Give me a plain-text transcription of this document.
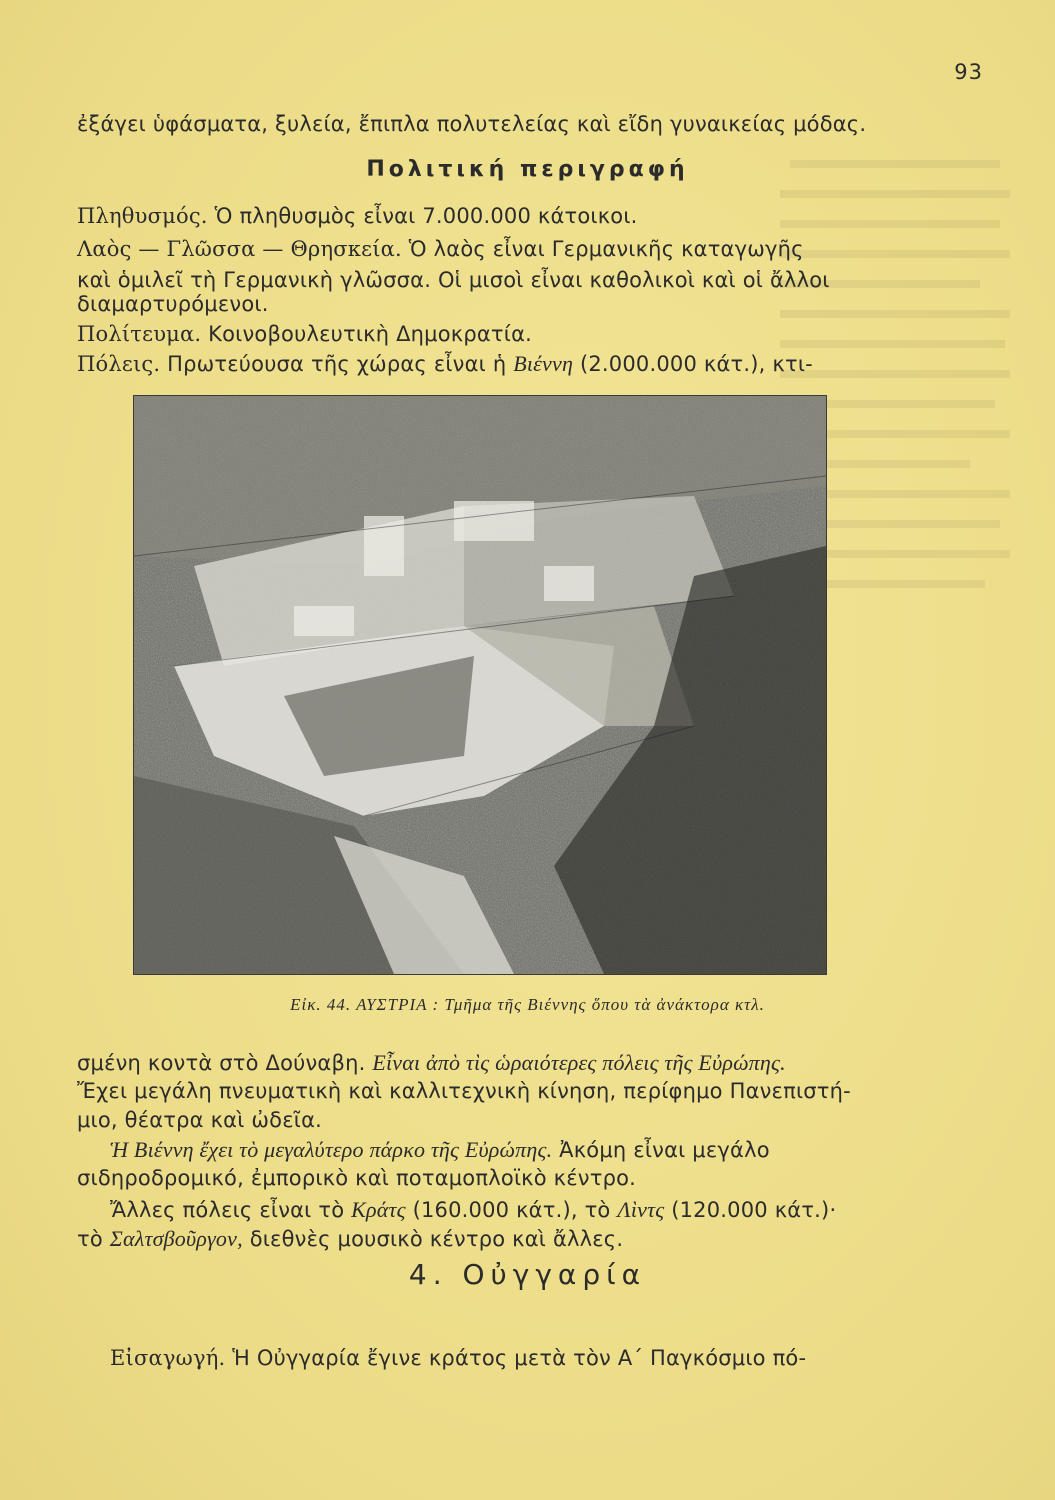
93
ἐξάγει ὑφάσματα, ξυλεία, ἔπιπλα πολυτελείας καὶ εἴδη γυναικείας μόδας.
Πολιτική περιγραφή
Πληθυσμός. Ὁ πληθυσμὸς εἶναι 7.000.000 κάτοικοι.
Λαὸς — Γλῶσσα — Θρησκεία. Ὁ λαὸς εἶναι Γερμανικῆς καταγωγῆς
καὶ ὁμιλεῖ τὴ Γερμανικὴ γλῶσσα. Οἱ μισοὶ εἶναι καθολικοὶ καὶ οἱ ἄλλοι
διαμαρτυρόμενοι.
Πολίτευμα. Κοινοβουλευτικὴ Δημοκρατία.
Πόλεις. Πρωτεύουσα τῆς χώρας εἶναι ἡ Βιέννη (2.000.000 κάτ.), κτι-
Εἰκ. 44. ΑΥΣΤΡΙΑ : Τμῆμα τῆς Βιέννης ὅπου τὰ ἀνάκτορα κτλ.
σμένη κοντὰ στὸ Δούναβη. Εἶναι ἀπὸ τὶς ὡραιότερες πόλεις τῆς Εὐρώπης.
Ἔχει μεγάλη πνευματικὴ καὶ καλλιτεχνικὴ κίνηση, περίφημο Πανεπιστή-
μιο, θέατρα καὶ ὠδεῖα.
Ἡ Βιέννη ἔχει τὸ μεγαλύτερο πάρκο τῆς Εὐρώπης. Ἀκόμη εἶναι μεγάλο
σιδηροδρομικό, ἐμπορικὸ καὶ ποταμοπλοϊκὸ κέντρο.
Ἄλλες πόλεις εἶναι τὸ Κράτς (160.000 κάτ.), τὸ Λὶντς (120.000 κάτ.)·
τὸ Σαλτσβοῦργον, διεθνὲς μουσικὸ κέντρο καὶ ἄλλες.
4. Οὐγγαρία
Εἰσαγωγή. Ἡ Οὐγγαρία ἔγινε κράτος μετὰ τὸν Α΄ Παγκόσμιο πό-
